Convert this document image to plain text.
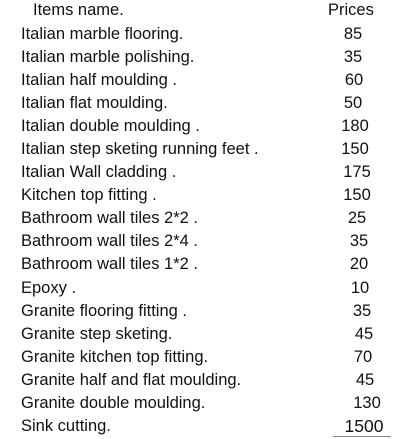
Items name.	Prices
Italian marble flooring.	85
Italian marble polishing.	35
Italian half moulding .	60
Italian flat moulding.	50
Italian double moulding .	180
Italian step sketing running feet .	150
Italian Wall cladding .	175
Kitchen top fitting .	150
Bathroom wall tiles 2*2 .	25
Bathroom wall tiles 2*4 .	35
Bathroom wall tiles 1*2 .	20
Epoxy .	10
Granite flooring fitting .	35
Granite step sketing.	45
Granite kitchen top fitting.	70
Granite half and flat moulding.	45
Granite double moulding.	130
Sink cutting.	1500
